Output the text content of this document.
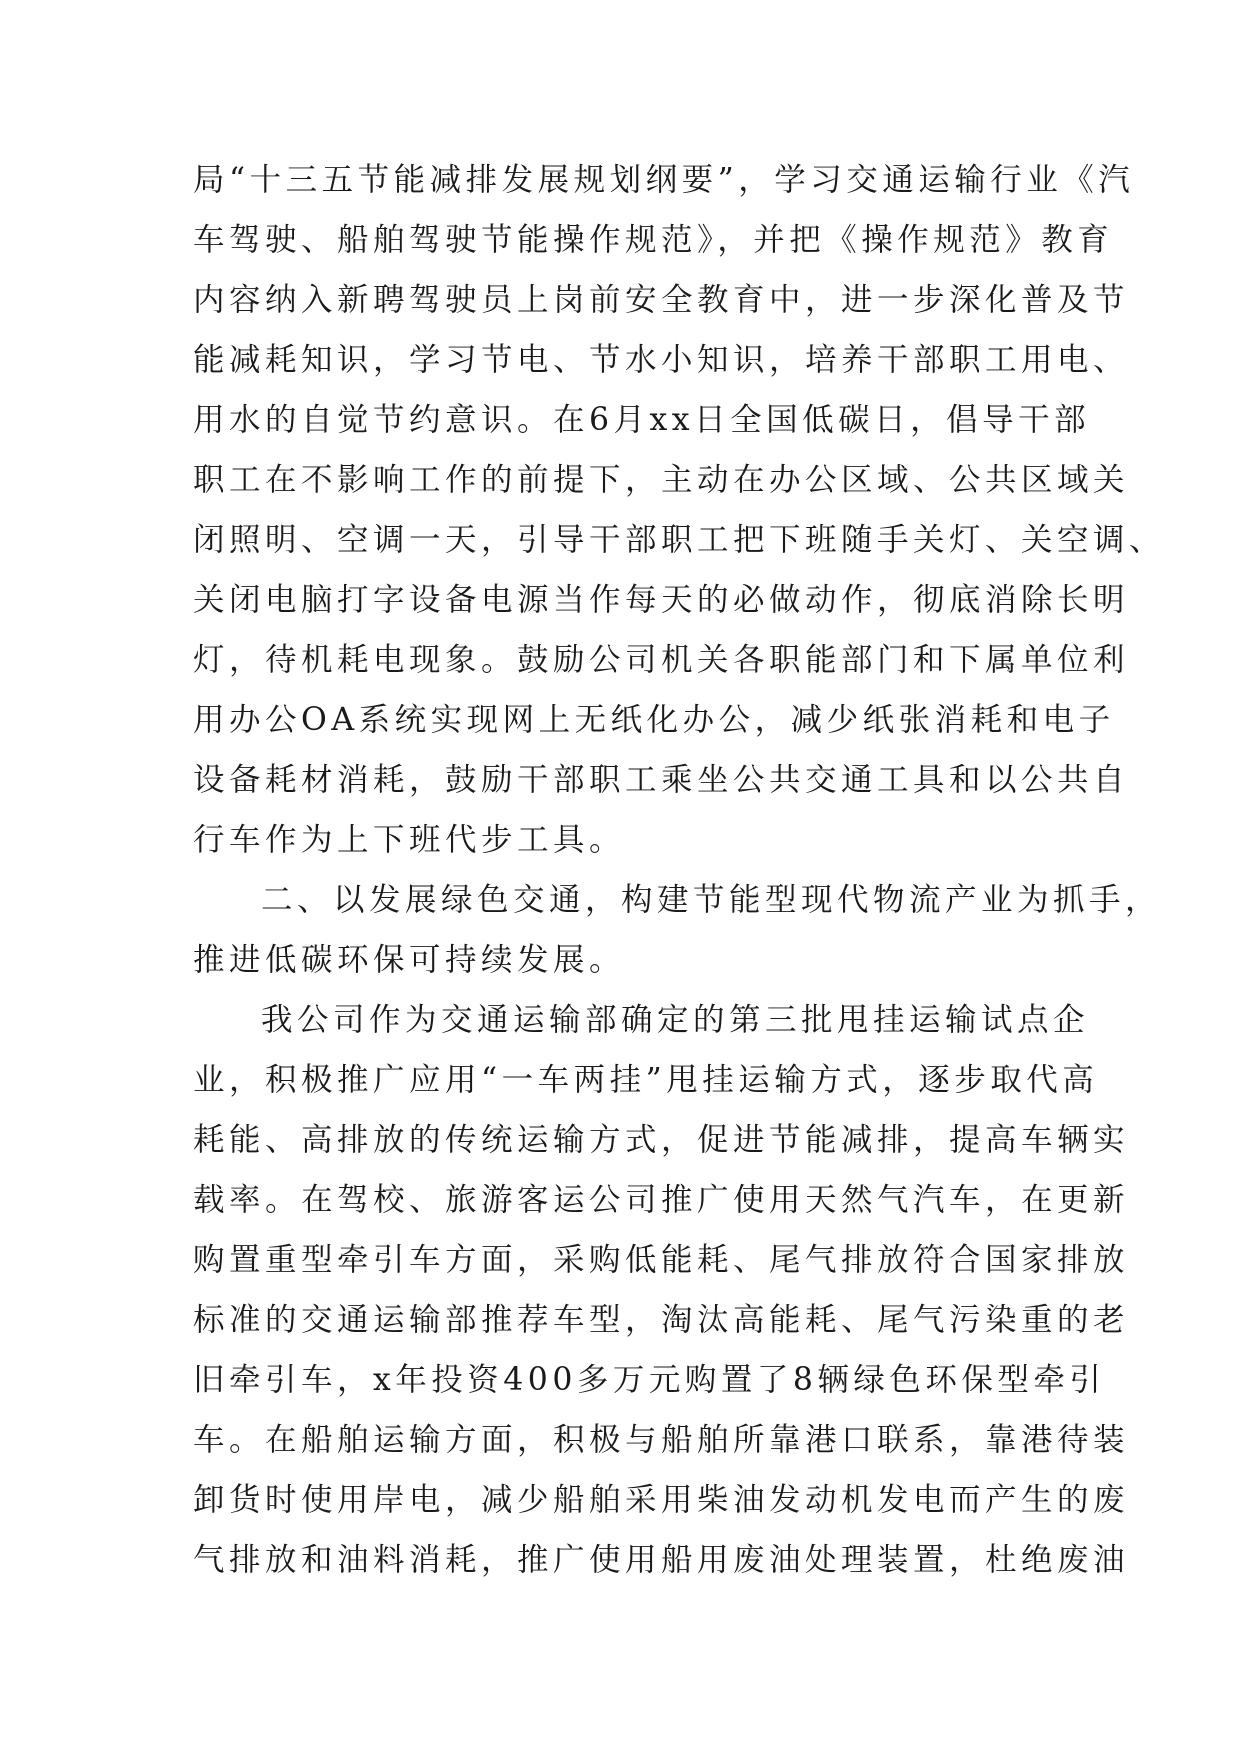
局“十三五节能减排发展规划纲要”，学习交通运输行业《汽
车驾驶、船舶驾驶节能操作规范》，并把《操作规范》教育
内容纳入新聘驾驶员上岗前安全教育中，进一步深化普及节
能减耗知识，学习节电、节水小知识，培养干部职工用电、
用水的自觉节约意识。在6月xx日全国低碳日，倡导干部
职工在不影响工作的前提下，主动在办公区域、公共区域关
闭照明、空调一天，引导干部职工把下班随手关灯、关空调、
关闭电脑打字设备电源当作每天的必做动作，彻底消除长明
灯，待机耗电现象。鼓励公司机关各职能部门和下属单位利
用办公OA系统实现网上无纸化办公，减少纸张消耗和电子
设备耗材消耗，鼓励干部职工乘坐公共交通工具和以公共自
行车作为上下班代步工具。
二、以发展绿色交通，构建节能型现代物流产业为抓手，
推进低碳环保可持续发展。
我公司作为交通运输部确定的第三批甩挂运输试点企
业，积极推广应用“一车两挂”甩挂运输方式，逐步取代高
耗能、高排放的传统运输方式，促进节能减排，提高车辆实
载率。在驾校、旅游客运公司推广使用天然气汽车，在更新
购置重型牵引车方面，采购低能耗、尾气排放符合国家排放
标准的交通运输部推荐车型，淘汰高能耗、尾气污染重的老
旧牵引车，x年投资400多万元购置了8辆绿色环保型牵引
车。在船舶运输方面，积极与船舶所靠港口联系，靠港待装
卸货时使用岸电，减少船舶采用柴油发动机发电而产生的废
气排放和油料消耗，推广使用船用废油处理装置，杜绝废油
